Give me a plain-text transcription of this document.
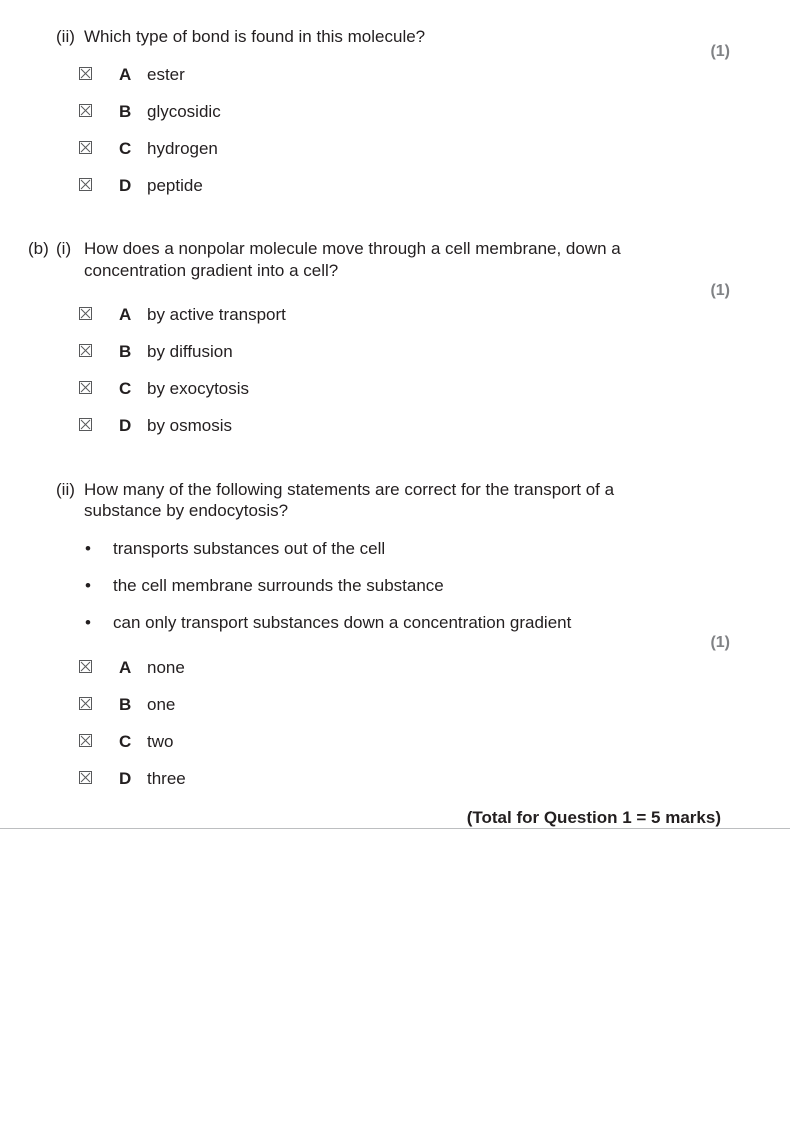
(ii) Which type of bond is found in this molecule?
(1)
A ester
B glycosidic
C hydrogen
D peptide
(b) (i) How does a nonpolar molecule move through a cell membrane, down a
concentration gradient into a cell?
(1)
A by active transport
B by diffusion
C by exocytosis
D by osmosis
(ii) How many of the following statements are correct for the transport of a
substance by endocytosis?
• transports substances out of the cell
• the cell membrane surrounds the substance
• can only transport substances down a concentration gradient
(1)
A none
B one
C two
D three
(Total for Question 1 = 5 marks)
